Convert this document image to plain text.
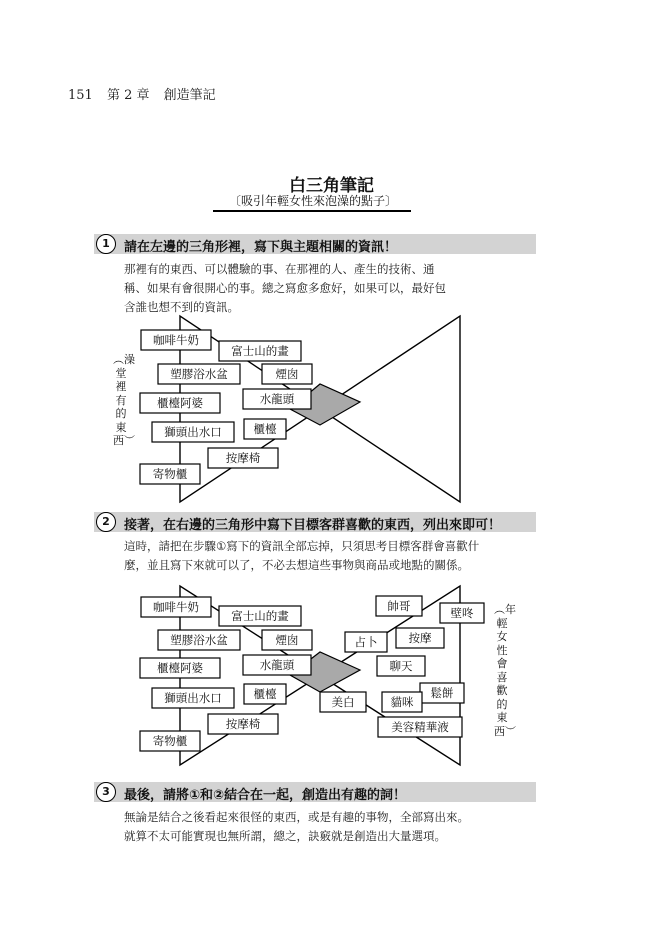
151 第 2 章 創造筆記
白三角筆記
〔吸引年輕女性來泡澡的點子〕
1	請在左邊的三角形裡，寫下與主題相關的資訊！
那裡有的東西、可以體驗的事、在那裡的人、產生的技術、通
稱、如果有會很開心的事。總之寫愈多愈好，如果可以，最好包
含誰也想不到的資訊。
2	接著，在右邊的三角形中寫下目標客群喜歡的東西，列出來即可！
這時，請把在步驟①寫下的資訊全部忘掉，只須思考目標客群會喜歡什
麼，並且寫下來就可以了，不必去想這些事物與商品或地點的關係。
3	最後，請將①和②結合在一起，創造出有趣的詞！
無論是結合之後看起來很怪的東西，或是有趣的事物，全部寫出來。
就算不太可能實現也無所謂，總之，訣竅就是創造出大量選項。
咖啡牛奶
富士山的畫
塑膠浴水盆	煙囱
櫃檯阿婆	水龍頭
獅頭出水口	櫃檯
按摩椅
寄物櫃
咖啡牛奶
富士山的畫
塑膠浴水盆	煙囱
櫃檯阿婆	水龍頭
獅頭出水口	櫃檯
按摩椅
寄物櫃
帥哥	壁咚
占卜	按摩
聊天
鬆餅
美白	貓咪
美容精華液
︵澡堂裡有的東西︶
︵年輕女性會喜歡的東西︶
